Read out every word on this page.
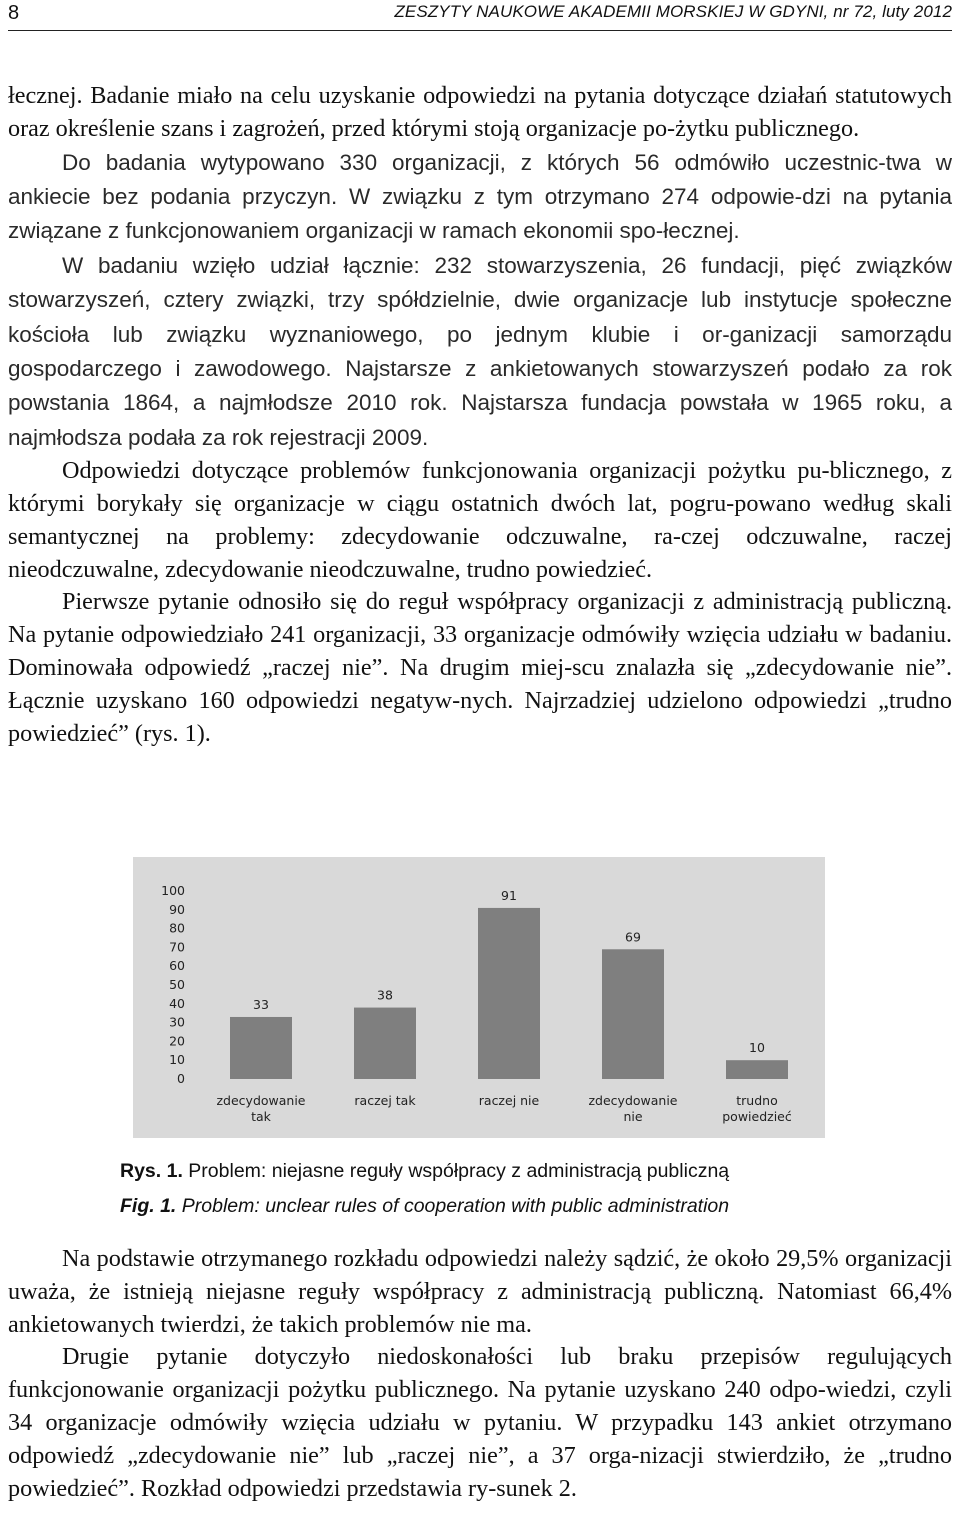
8	ZESZYTY NAUKOWE AKADEMII MORSKIEJ W GDYNI, nr 72, luty 2012

łecznej. Badanie miało na celu uzyskanie odpowiedzi na pytania dotyczące działań statutowych oraz określenie szans i zagrożeń, przed którymi stoją organizacje po-żytku publicznego.

Do badania wytypowano 330 organizacji, z których 56 odmówiło uczestnic-twa w ankiecie bez podania przyczyn. W związku z tym otrzymano 274 odpowie-dzi na pytania związane z funkcjonowaniem organizacji w ramach ekonomii spo-łecznej.

W badaniu wzięło udział łącznie: 232 stowarzyszenia, 26 fundacji, pięć związków stowarzyszeń, cztery związki, trzy spółdzielnie, dwie organizacje lub instytucje społeczne kościoła lub związku wyznaniowego, po jednym klubie i or-ganizacji samorządu gospodarczego i zawodowego. Najstarsze z ankietowanych stowarzyszeń podało za rok powstania 1864, a najmłodsze 2010 rok. Najstarsza fundacja powstała w 1965 roku, a najmłodsza podała za rok rejestracji 2009.

Odpowiedzi dotyczące problemów funkcjonowania organizacji pożytku pu-blicznego, z którymi borykały się organizacje w ciągu ostatnich dwóch lat, pogru-powano według skali semantycznej na problemy: zdecydowanie odczuwalne, ra-czej odczuwalne, raczej nieodczuwalne, zdecydowanie nieodczuwalne, trudno powiedzieć.

Pierwsze pytanie odnosiło się do reguł współpracy organizacji z administracją publiczną. Na pytanie odpowiedziało 241 organizacji, 33 organizacje odmówiły wzięcia udziału w badaniu. Dominowała odpowiedź „raczej nie”. Na drugim miej-scu znalazła się „zdecydowanie nie”. Łącznie uzyskano 160 odpowiedzi negatyw-nych. Najrzadziej udzielono odpowiedzi „trudno powiedzieć” (rys. 1).

0
10
20
30
40
50
60
70
80
90
100
33
zdecydowanie
tak
38
raczej tak
91
raczej nie
69
zdecydowanie
nie
10
trudno
powiedzieć
Rys. 1. Problem: niejasne reguły współpracy z administracją publiczną
Fig. 1. Problem: unclear rules of cooperation with public administration

Na podstawie otrzymanego rozkładu odpowiedzi należy sądzić, że około 29,5% organizacji uważa, że istnieją niejasne reguły współpracy z administracją publiczną. Natomiast 66,4% ankietowanych twierdzi, że takich problemów nie ma.

Drugie pytanie dotyczyło niedoskonałości lub braku przepisów regulujących funkcjonowanie organizacji pożytku publicznego. Na pytanie uzyskano 240 odpo-wiedzi, czyli 34 organizacje odmówiły wzięcia udziału w pytaniu. W przypadku 143 ankiet otrzymano odpowiedź „zdecydowanie nie” lub „raczej nie”, a 37 orga-nizacji stwierdziło, że „trudno powiedzieć”. Rozkład odpowiedzi przedstawia ry-sunek 2.
